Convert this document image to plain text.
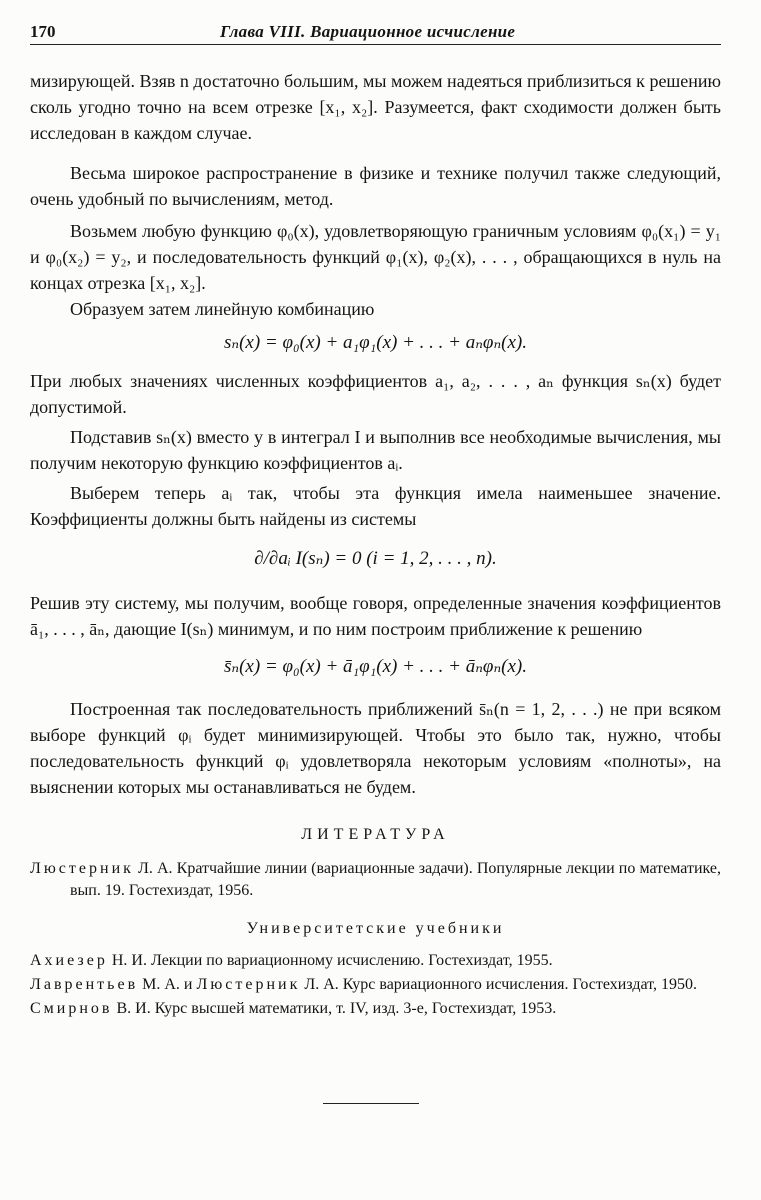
170	Глава VIII. Вариационное исчисление

мизирующей. Взяв n достаточно большим, мы можем надеяться приблизиться к решению сколь угодно точно на всем отрезке [x₁, x₂]. Разумеется, факт сходимости должен быть исследован в каждом случае.

Весьма широкое распространение в физике и технике получил также следующий, очень удобный по вычислениям, метод.

Возьмем любую функцию φ₀(x), удовлетворяющую граничным условиям φ₀(x₁) = y₁ и φ₀(x₂) = y₂, и последовательность функций φ₁(x), φ₂(x), . . . , обращающихся в нуль на концах отрезка [x₁, x₂].

Образуем затем линейную комбинацию

sₙ(x) = φ₀(x) + a₁φ₁(x) + . . . + aₙφₙ(x).

При любых значениях численных коэффициентов a₁, a₂, . . . , aₙ функция sₙ(x) будет допустимой.

Подставив sₙ(x) вместо y в интеграл I и выполнив все необходимые вычисления, мы получим некоторую функцию коэффициентов aᵢ.

Выберем теперь aᵢ так, чтобы эта функция имела наименьшее значение. Коэффициенты должны быть найдены из системы

∂/∂aᵢ I(sₙ) = 0 (i = 1, 2, . . . , n).

Решив эту систему, мы получим, вообще говоря, определенные значения коэффициентов ā₁, . . . , āₙ, дающие I(sₙ) минимум, и по ним построим приближение к решению

s̄ₙ(x) = φ₀(x) + ā₁φ₁(x) + . . . + āₙφₙ(x).

Построенная так последовательность приближений s̄ₙ(n = 1, 2, . . .) не при всяком выборе функций φᵢ будет минимизирующей. Чтобы это было так, нужно, чтобы последовательность функций φᵢ удовлетворяла некоторым условиям «полноты», на выяснении которых мы останавливаться не будем.

ЛИТЕРАТУРА
Люстерник Л. А. Кратчайшие линии (вариационные задачи). Популярные лекции по математике, вып. 19. Гостехиздат, 1956.
Университетские учебники
Ахиезер Н. И. Лекции по вариационному исчислению. Гостехиздат, 1955.
Лаврентьев М. А. и Люстерник Л. А. Курс вариационного исчисления. Гостехиздат, 1950.
Смирнов В. И. Курс высшей математики, т. IV, изд. 3-е, Гостехиздат, 1953.
